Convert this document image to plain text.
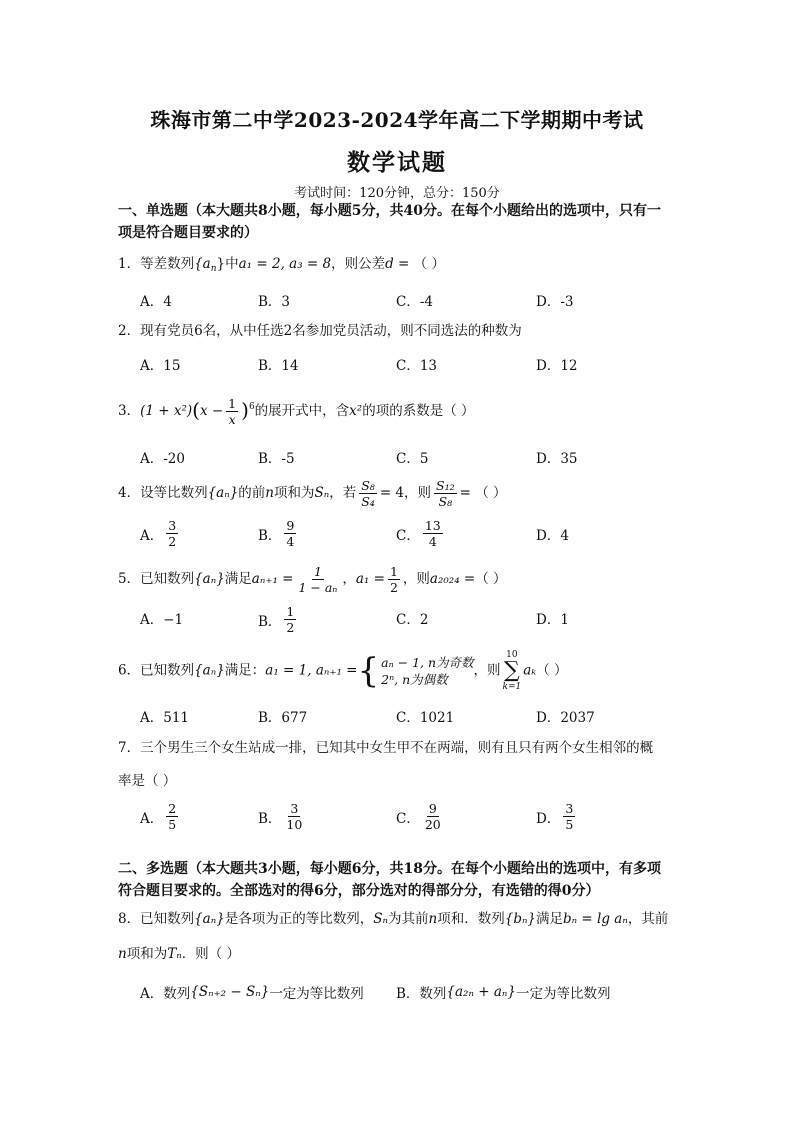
珠海市第二中学2023-2024学年高二下学期期中考试
数学试题
考试时间：120分钟，总分：150分
一、单选题（本大题共8小题，每小题5分，共40分。在每个小题给出的选项中，只有一
项是符合题目要求的）
1．等差数列$\{a_n\}$中a₁ = 2, a₃ = 8，则公差d = （ ）
A．4	B．3	C．-4	D．-3
2．现有党员6名，从中任选2名参加党员活动，则不同选法的种数为
A．15	B．14	C．13	D．12
3．$(1 + x^2)(x - \frac{1}{x} )^6$的展开式中，含x²的项的系数是（ ）
A．-20	B．-5	C．5	D．35
4．设等比数列{aₙ}的前n项和为Sₙ，若 $\frac{\text{S₈}}{\text{S₄}} = 4$，则 $\frac{\text{S₁₂}}{\text{S₈}}$ = （ ）
A． $\frac{3}{2}$	B． $\frac{9}{4}$	C． $\frac{13}{4}$	D．4
5．已知数列{aₙ}满足$a_{n+1} = \frac{1}{\text{1 − aₙ}}$ ，$a_1 = \frac{1}{2}$ ，则a₂₀₂₄ =（ ）
A．−1	B． $\frac{1}{2}$	C．2	D．1
6．已知数列{aₙ}满足：a₁ = 1, aₙ₊₁ = { aₙ − 1, n为奇数
2ⁿ, n为偶数
，则
10
∑
k=1
aₖ（ ）
A．511	B．677	C．1021	D．2037
7．三个男生三个女生站成一排，已知其中女生甲不在两端，则有且只有两个女生相邻的概
率是（ ）
A． $\frac{2}{5}$	B． $\frac{3}{10}$	C． $\frac{9}{20}$	D． $\frac{3}{5}$
二、多选题（本大题共3小题，每小题6分，共18分。在每个小题给出的选项中，有多项
符合题目要求的。全部选对的得6分，部分选对的得部分分，有选错的得0分）
8．已知数列{aₙ}是各项为正的等比数列，Sₙ为其前n项和．数列{bₙ}满足bₙ = lg aₙ，其前
n项和为Tₙ．则（ ）
A．数列 {Sₙ₊₂ − Sₙ} 一定为等比数列 B．数列 {a₂ₙ + aₙ} 一定为等比数列
